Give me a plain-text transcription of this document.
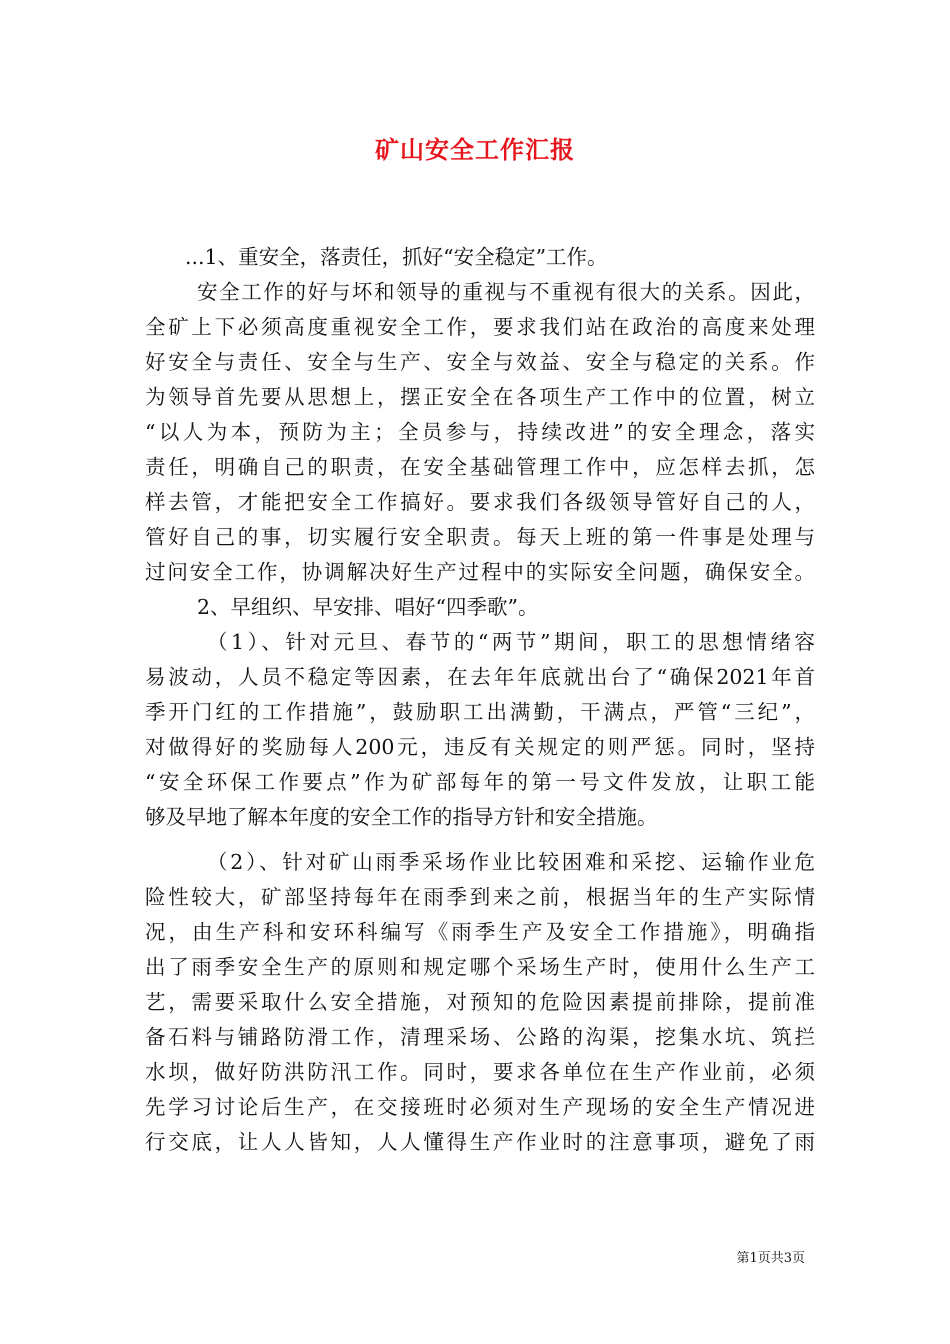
矿山安全工作汇报
...1、重安全，落责任，抓好“安全稳定”工作。
安全工作的好与坏和领导的重视与不重视有很大的关系。因此，
全矿上下必须高度重视安全工作，要求我们站在政治的高度来处理
好安全与责任、安全与生产、安全与效益、安全与稳定的关系。作
为领导首先要从思想上，摆正安全在各项生产工作中的位置，树立
“以人为本，预防为主；全员参与，持续改进”的安全理念，落实
责任，明确自己的职责，在安全基础管理工作中，应怎样去抓，怎
样去管，才能把安全工作搞好。要求我们各级领导管好自己的人，
管好自己的事，切实履行安全职责。每天上班的第一件事是处理与
过问安全工作，协调解决好生产过程中的实际安全问题，确保安全。
2、早组织、早安排、唱好“四季歌”。
（1）、针对元旦、春节的“两节”期间，职工的思想情绪容
易波动，人员不稳定等因素，在去年年底就出台了“确保2021年首
季开门红的工作措施”，鼓励职工出满勤，干满点，严管“三纪”，
对做得好的奖励每人200元，违反有关规定的则严惩。同时，坚持
“安全环保工作要点”作为矿部每年的第一号文件发放，让职工能
够及早地了解本年度的安全工作的指导方针和安全措施。
（2）、针对矿山雨季采场作业比较困难和采挖、运输作业危
险性较大，矿部坚持每年在雨季到来之前，根据当年的生产实际情
况，由生产科和安环科编写《雨季生产及安全工作措施》，明确指
出了雨季安全生产的原则和规定哪个采场生产时，使用什么生产工
艺，需要采取什么安全措施，对预知的危险因素提前排除，提前准
备石料与铺路防滑工作，清理采场、公路的沟渠，挖集水坑、筑拦
水坝，做好防洪防汛工作。同时，要求各单位在生产作业前，必须
先学习讨论后生产，在交接班时必须对生产现场的安全生产情况进
行交底，让人人皆知，人人懂得生产作业时的注意事项，避免了雨
第1页共3页
